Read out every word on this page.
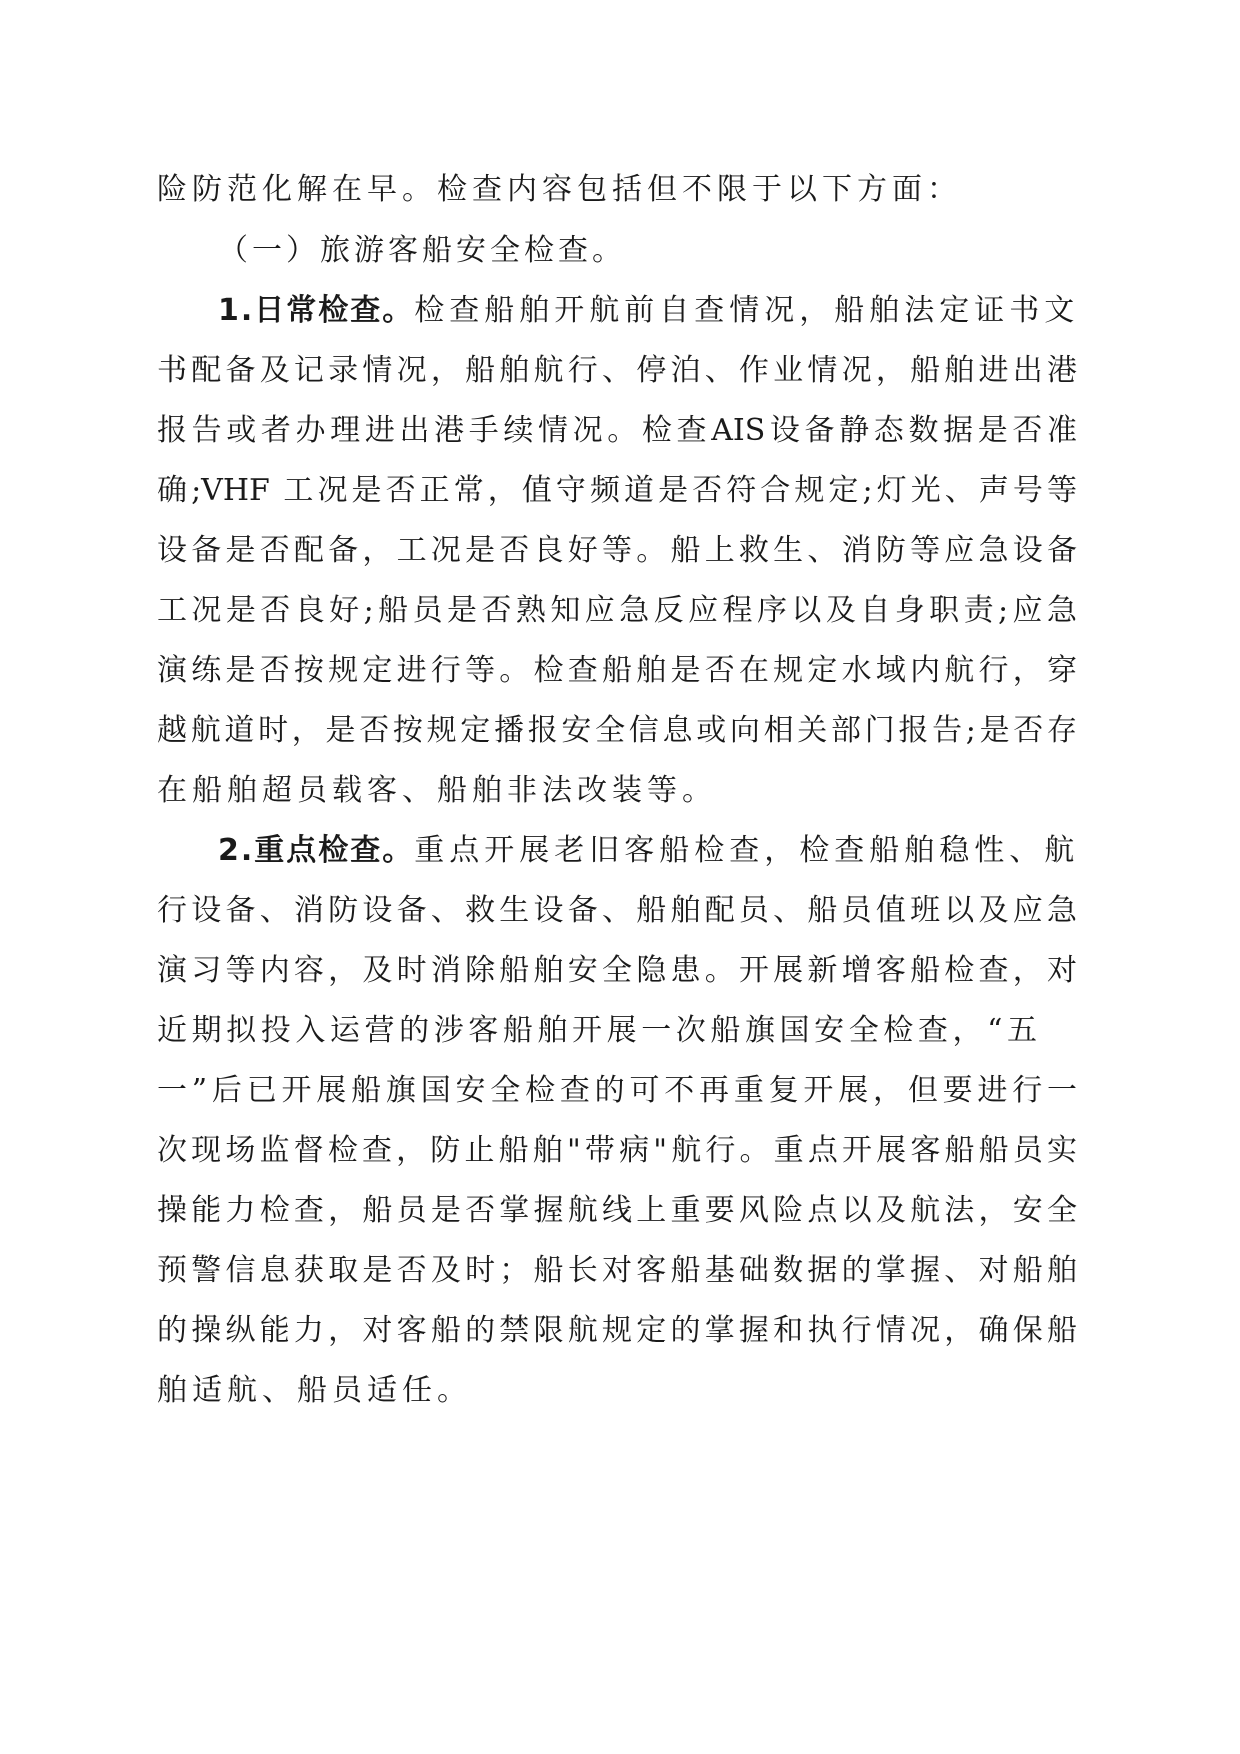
险防范化解在早。检查内容包括但不限于以下方面：
（一）旅游客船安全检查。
1.日常检查。检查船舶开航前自查情况，船舶法定证书文
书配备及记录情况，船舶航行、停泊、作业情况，船舶进出港
报告或者办理进出港手续情况。检查AIS设备静态数据是否准
确;VHF 工况是否正常，值守频道是否符合规定;灯光、声号等
设备是否配备，工况是否良好等。船上救生、消防等应急设备
工况是否良好;船员是否熟知应急反应程序以及自身职责;应急
演练是否按规定进行等。检查船舶是否在规定水域内航行，穿
越航道时，是否按规定播报安全信息或向相关部门报告;是否存
在船舶超员载客、船舶非法改装等。
2.重点检查。重点开展老旧客船检查，检查船舶稳性、航
行设备、消防设备、救生设备、船舶配员、船员值班以及应急
演习等内容，及时消除船舶安全隐患。开展新增客船检查，对
近期拟投入运营的涉客船舶开展一次船旗国安全检查，“五
一”后已开展船旗国安全检查的可不再重复开展，但要进行一
次现场监督检查，防止船舶"带病"航行。重点开展客船船员实
操能力检查，船员是否掌握航线上重要风险点以及航法，安全
预警信息获取是否及时；船长对客船基础数据的掌握、对船舶
的操纵能力，对客船的禁限航规定的掌握和执行情况，确保船
舶适航、船员适任。
